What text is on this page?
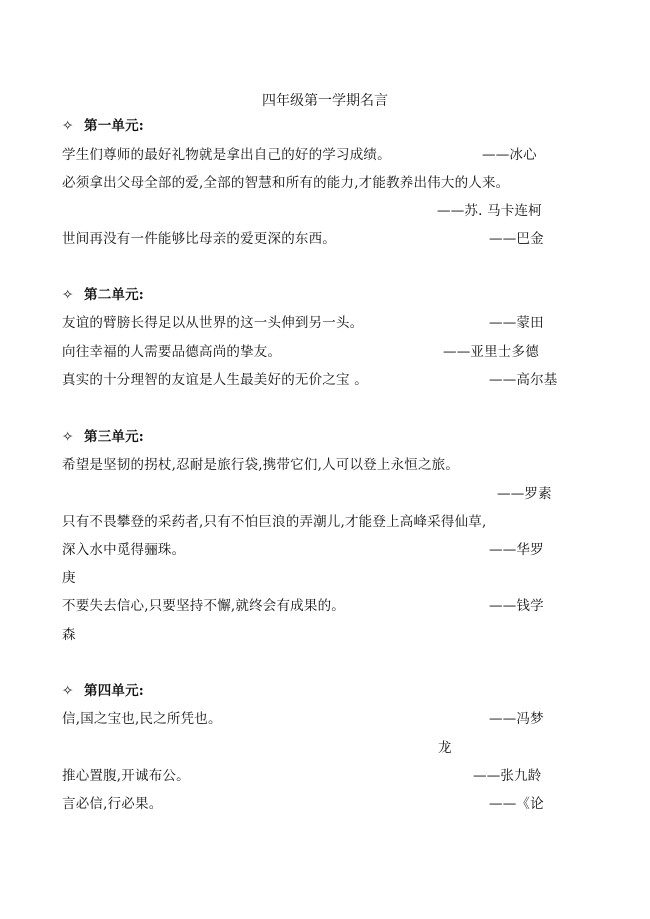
四年级第一学期名言
✧ 第一单元:
学生们尊师的最好礼物就是拿出自己的好的学习成绩。	——冰心
必须拿出父母全部的爱,全部的智慧和所有的能力,才能教养出伟大的人来。
——苏. 马卡连柯
世间再没有一件能够比母亲的爱更深的东西。	——巴金
✧ 第二单元:
友谊的臂膀长得足以从世界的这一头伸到另一头。	——蒙田
向往幸福的人需要品德高尚的挚友。	——亚里士多德
真实的十分理智的友谊是人生最美好的无价之宝 。	——高尔基
✧ 第三单元:
希望是坚韧的拐杖,忍耐是旅行袋,携带它们,人可以登上永恒之旅。
——罗素
只有不畏攀登的采药者,只有不怕巨浪的弄潮儿,才能登上高峰采得仙草,
深入水中觅得骊珠。	——华罗
庚
不要失去信心,只要坚持不懈,就终会有成果的。	——钱学
森
✧ 第四单元:
信,国之宝也,民之所凭也。	——冯梦
龙
推心置腹,开诚布公。	——张九龄
言必信,行必果。	——《论
